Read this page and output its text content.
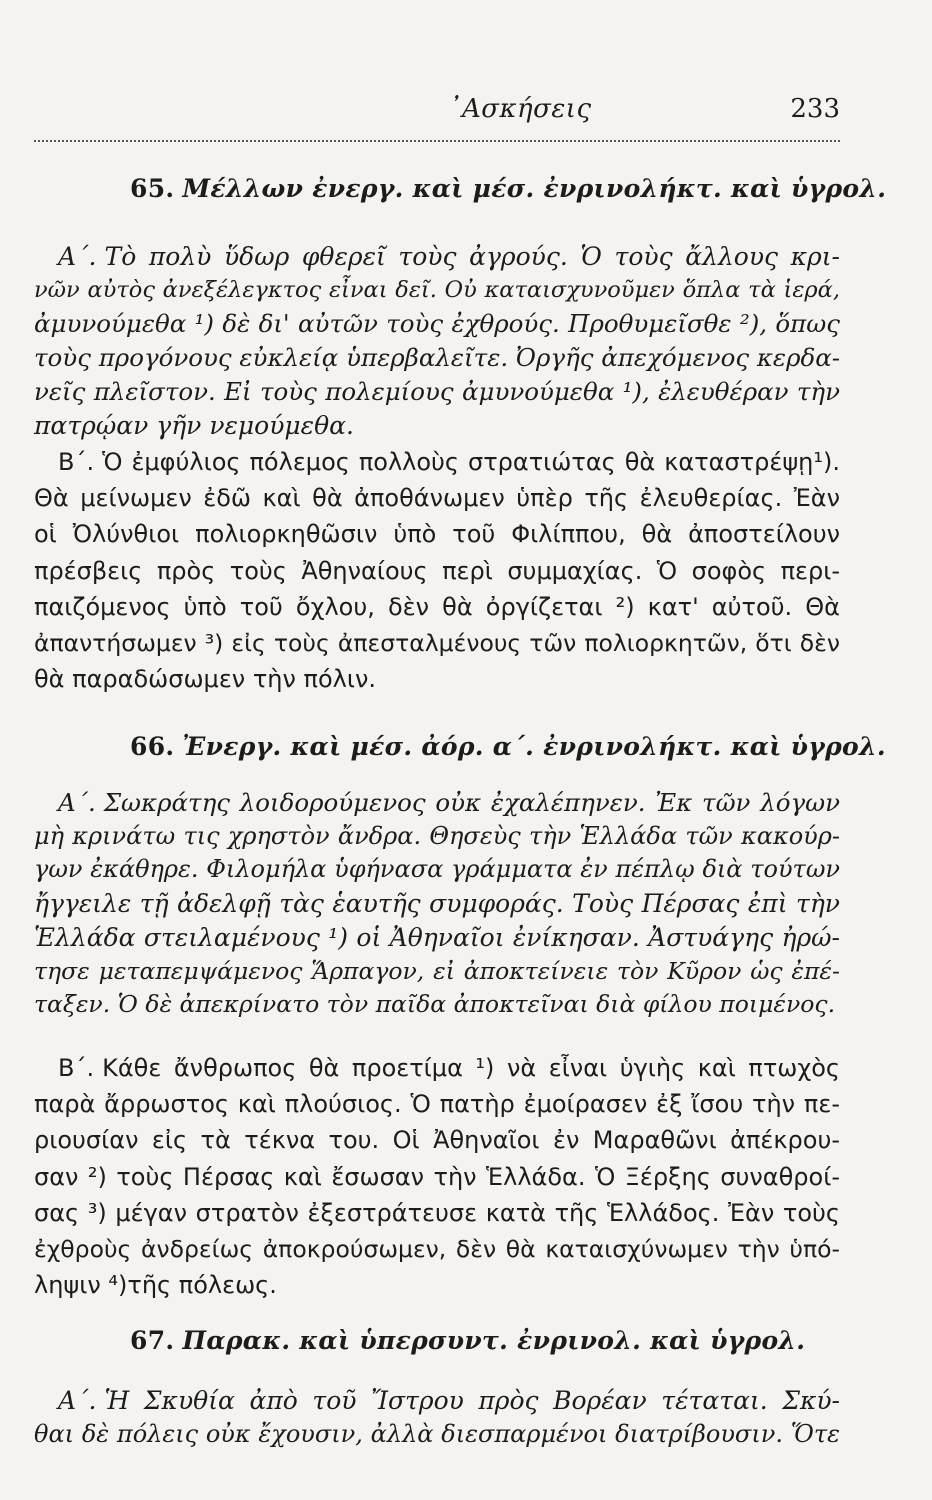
᾿Ασκήσεις	233
65. Μέλλων ἐνεργ. καὶ μέσ. ἐνρινολήκτ. καὶ ὑγρολ.
Α΄. Τὸ πολὺ ὕδωρ φθερεῖ τοὺς ἀγρούς. Ὁ τοὺς ἄλλους κρι-
νῶν αὐτὸς ἀνεξέλεγκτος εἶναι δεῖ. Οὐ καταισχυνοῦμεν ὅπλα τὰ ἱερά,
ἀμυνούμεθα ¹) δὲ δι' αὐτῶν τοὺς ἐχθρούς. Προθυμεῖσθε ²), ὅπως
τοὺς προγόνους εὐκλείᾳ ὑπερβαλεῖτε. Ὀργῆς ἀπεχόμενος κερδα-
νεῖς πλεῖστον. Εἰ τοὺς πολεμίους ἀμυνούμεθα ¹), ἐλευθέραν τὴν
πατρῴαν γῆν νεμούμεθα.
Β΄. Ὁ ἐμφύλιος πόλεμος πολλοὺς στρατιώτας θὰ καταστρέψῃ¹).
Θὰ μείνωμεν ἐδῶ καὶ θὰ ἀποθάνωμεν ὑπὲρ τῆς ἐλευθερίας. Ἐὰν
οἱ Ὀλύνθιοι πολιορκηθῶσιν ὑπὸ τοῦ Φιλίππου, θὰ ἀποστείλουν
πρέσβεις πρὸς τοὺς Ἀθηναίους περὶ συμμαχίας. Ὁ σοφὸς περι-
παιζόμενος ὑπὸ τοῦ ὄχλου, δὲν θὰ ὀργίζεται ²) κατ' αὐτοῦ. Θὰ
ἀπαντήσωμεν ³) εἰς τοὺς ἀπεσταλμένους τῶν πολιορκητῶν, ὅτι δὲν
θὰ παραδώσωμεν τὴν πόλιν.
66. Ἐνεργ. καὶ μέσ. ἀόρ. α΄. ἐνρινολήκτ. καὶ ὑγρολ.
Α΄. Σωκράτης λοιδορούμενος οὐκ ἐχαλέπηνεν. Ἐκ τῶν λόγων
μὴ κρινάτω τις χρηστὸν ἄνδρα. Θησεὺς τὴν Ἑλλάδα τῶν κακούρ-
γων ἐκάθηρε. Φιλομήλα ὑφήνασα γράμματα ἐν πέπλῳ διὰ τούτων
ἤγγειλε τῇ ἀδελφῇ τὰς ἑαυτῆς συμφοράς. Τοὺς Πέρσας ἐπὶ τὴν
Ἑλλάδα στειλαμένους ¹) οἱ Ἀθηναῖοι ἐνίκησαν. Ἀστυάγης ἠρώ-
τησε μεταπεμψάμενος Ἅρπαγον, εἰ ἀποκτείνειε τὸν Κῦρον ὡς ἐπέ-
ταξεν. Ὁ δὲ ἀπεκρίνατο τὸν παῖδα ἀποκτεῖναι διὰ φίλου ποιμένος.
Β΄. Κάθε ἄνθρωπος θὰ προετίμα ¹) νὰ εἶναι ὑγιὴς καὶ πτωχὸς
παρὰ ἄρρωστος καὶ πλούσιος. Ὁ πατὴρ ἐμοίρασεν ἐξ ἴσου τὴν πε-
ριουσίαν εἰς τὰ τέκνα του. Οἱ Ἀθηναῖοι ἐν Μαραθῶνι ἀπέκρου-
σαν ²) τοὺς Πέρσας καὶ ἔσωσαν τὴν Ἑλλάδα. Ὁ Ξέρξης συναθροί-
σας ³) μέγαν στρατὸν ἐξεστράτευσε κατὰ τῆς Ἑλλάδος. Ἐὰν τοὺς
ἐχθροὺς ἀνδρείως ἀποκρούσωμεν, δὲν θὰ καταισχύνωμεν τὴν ὑπό-
ληψιν ⁴)τῆς πόλεως.
67. Παρακ. καὶ ὑπερσυντ. ἐνρινολ. καὶ ὑγρολ.
Α΄. Ἡ Σκυθία ἀπὸ τοῦ Ἴστρου πρὸς Βορέαν τέταται. Σκύ-
θαι δὲ πόλεις οὐκ ἔχουσιν, ἀλλὰ διεσπαρμένοι διατρίβουσιν. Ὅτε
